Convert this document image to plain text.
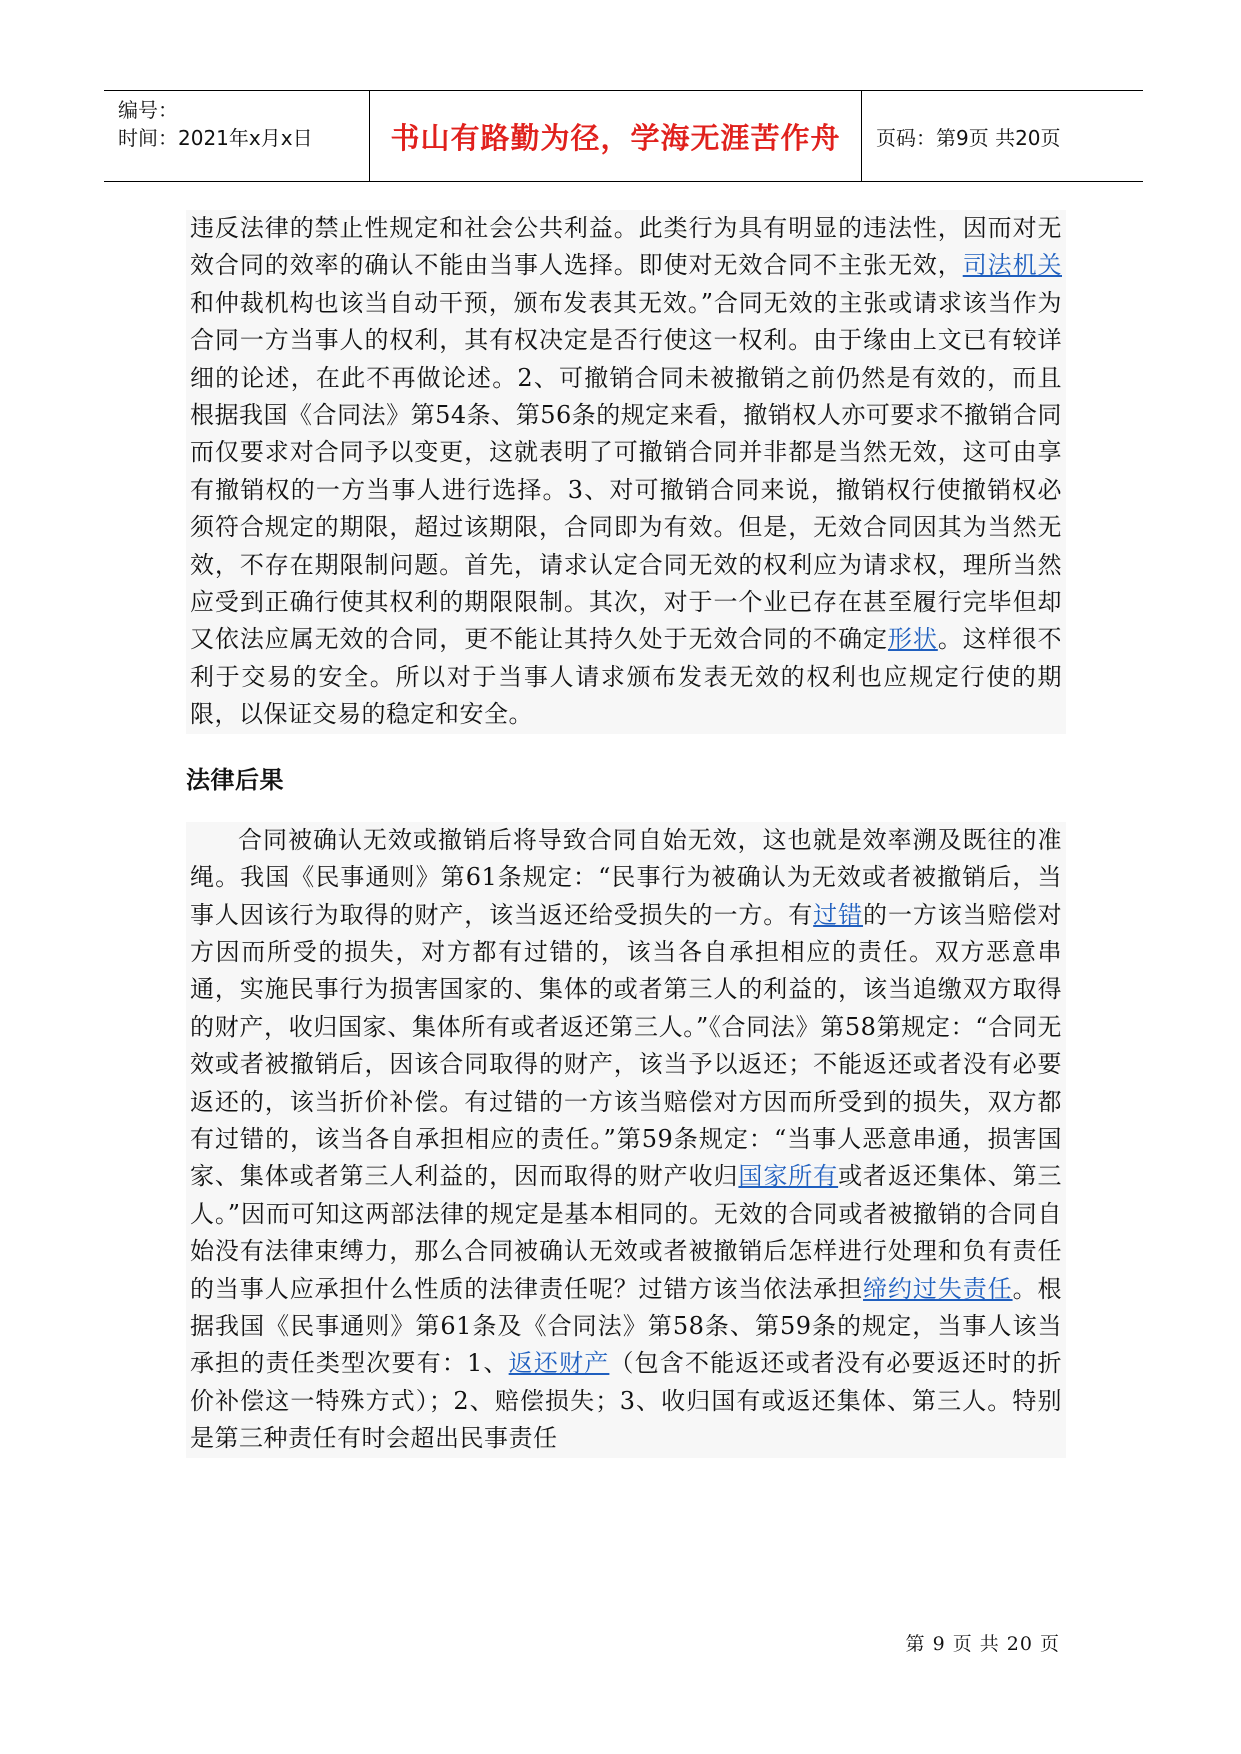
编号：
时间：2021年x月x日	书山有路勤为径，学海无涯苦作舟	页码：第9页 共20页

违反法律的禁止性规定和社会公共利益。此类行为具有明显的违法性，因而对无效合同的效率的确认不能由当事人选择。即使对无效合同不主张无效，司法机关和仲裁机构也该当自动干预，颁布发表其无效。”合同无效的主张或请求该当作为合同一方当事人的权利，其有权决定是否行使这一权利。由于缘由上文已有较详细的论述，在此不再做论述。2、可撤销合同未被撤销之前仍然是有效的，而且根据我国《合同法》第54条、第56条的规定来看，撤销权人亦可要求不撤销合同而仅要求对合同予以变更，这就表明了可撤销合同并非都是当然无效，这可由享有撤销权的一方当事人进行选择。3、对可撤销合同来说，撤销权行使撤销权必须符合规定的期限，超过该期限，合同即为有效。但是，无效合同因其为当然无效，不存在期限制问题。首先，请求认定合同无效的权利应为请求权，理所当然应受到正确行使其权利的期限限制。其次，对于一个业已存在甚至履行完毕但却又依法应属无效的合同，更不能让其持久处于无效合同的不确定形状。这样很不利于交易的安全。所以对于当事人请求颁布发表无效的权利也应规定行使的期限，以保证交易的稳定和安全。

法律后果

合同被确认无效或撤销后将导致合同自始无效，这也就是效率溯及既往的准绳。我国《民事通则》第61条规定：“民事行为被确认为无效或者被撤销后，当事人因该行为取得的财产，该当返还给受损失的一方。有过错的一方该当赔偿对方因而所受的损失，对方都有过错的，该当各自承担相应的责任。双方恶意串通，实施民事行为损害国家的、集体的或者第三人的利益的，该当追缴双方取得的财产，收归国家、集体所有或者返还第三人。”《合同法》第58第规定：“合同无效或者被撤销后，因该合同取得的财产，该当予以返还；不能返还或者没有必要返还的，该当折价补偿。有过错的一方该当赔偿对方因而所受到的损失，双方都有过错的，该当各自承担相应的责任。”第59条规定：“当事人恶意串通，损害国家、集体或者第三人利益的，因而取得的财产收归国家所有或者返还集体、第三人。”因而可知这两部法律的规定是基本相同的。无效的合同或者被撤销的合同自始没有法律束缚力，那么合同被确认无效或者被撤销后怎样进行处理和负有责任的当事人应承担什么性质的法律责任呢？过错方该当依法承担缔约过失责任。根据我国《民事通则》第61条及《合同法》第58条、第59条的规定，当事人该当承担的责任类型次要有：1、返还财产（包含不能返还或者没有必要返还时的折价补偿这一特殊方式）；2、赔偿损失；3、收归国有或返还集体、第三人。特别是第三种责任有时会超出民事责任

第 9 页 共 20 页
